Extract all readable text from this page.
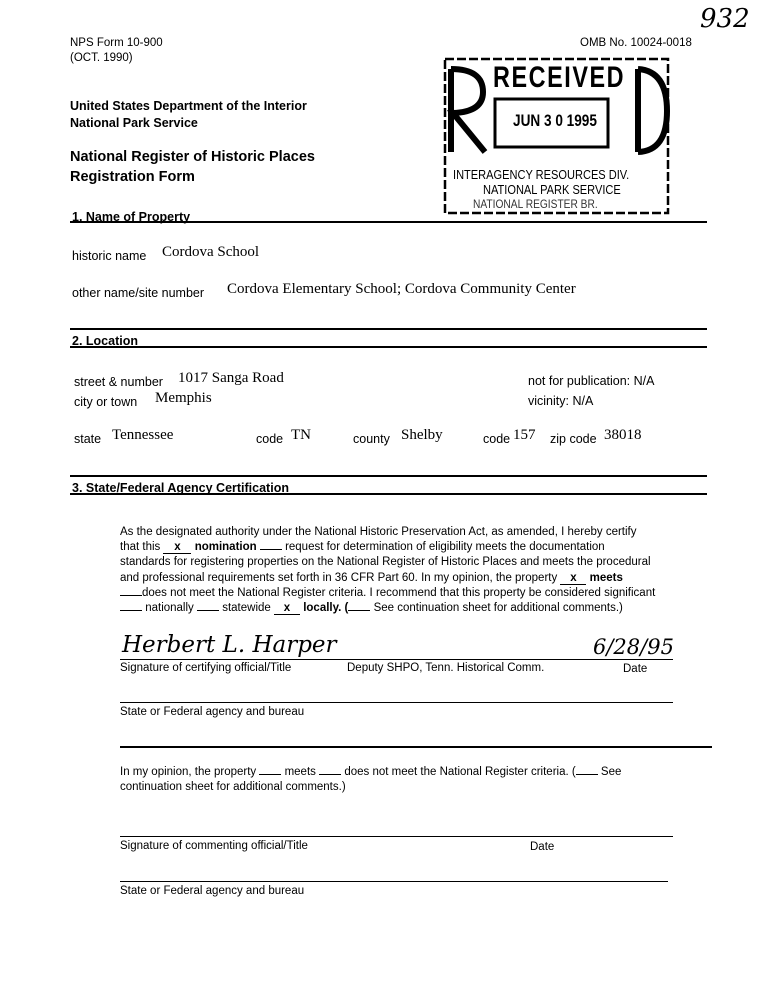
932
NPS Form 10-900
(OCT. 1990)
OMB No. 10024-0018
United States Department of the Interior
National Park Service
National Register of Historic Places
Registration Form
RECEIVED
JUN 3 0 1995
INTERAGENCY RESOURCES DIV.
NATIONAL PARK SERVICE
NATIONAL REGISTER BR.
1. Name of Property
historic name Cordova School
other name/site number Cordova Elementary School; Cordova Community Center
2. Location
street & number 1017 Sanga Road	not for publication: N/A
city or town Memphis	vicinity: N/A
state Tennessee	code TN	county Shelby	code 157 zip code 38018
3. State/Federal Agency Certification
As the designated authority under the National Historic Preservation Act, as amended, I hereby certify
that this x nomination request for determination of eligibility meets the documentation
standards for registering properties on the National Register of Historic Places and meets the procedural
and professional requirements set forth in 36 CFR Part 60. In my opinion, the property x meets
does not meet the National Register criteria. I recommend that this property be considered significant
nationally statewide x locally. ( See continuation sheet for additional comments.)
Herbert L. Harper	6/28/95
Signature of certifying official/Title	Deputy SHPO, Tenn. Historical Comm.	Date
State or Federal agency and bureau
In my opinion, the property meets does not meet the National Register criteria. ( See
continuation sheet for additional comments.)
Signature of commenting official/Title	Date
State or Federal agency and bureau
